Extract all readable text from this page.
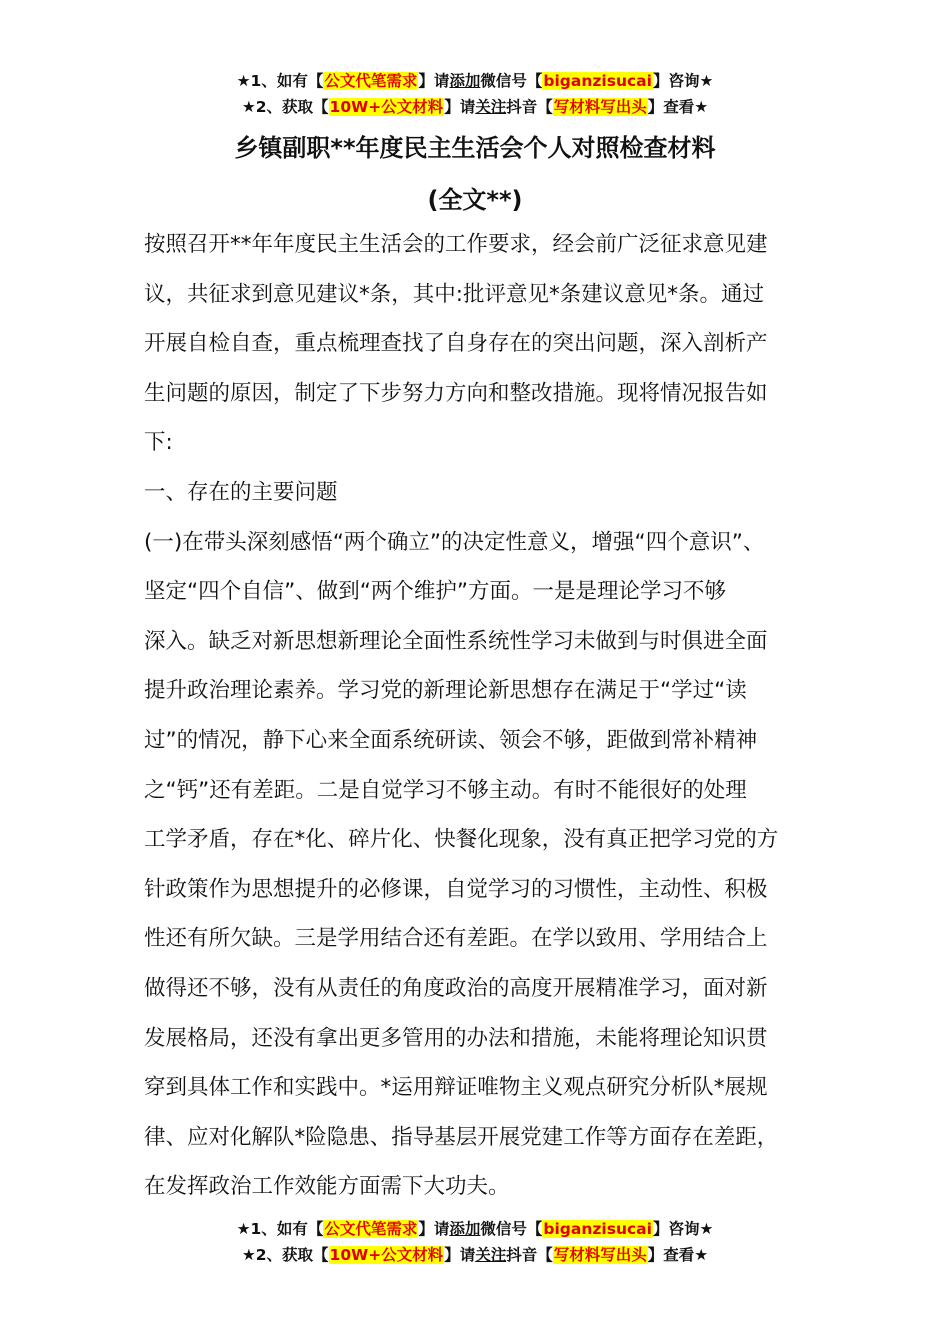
★1、如有【公文代笔需求】请添加微信号【biganzisucai】咨询★
★2、获取【10W+公文材料】请关注抖音【写材料写出头】查看★
乡镇副职**年度民主生活会个人对照检查材料
(全文**)
按照召开**年年度民主生活会的工作要求，经会前广泛征求意见建
议，共征求到意见建议*条，其中:批评意见*条建议意见*条。通过
开展自检自查，重点梳理查找了自身存在的突出问题，深入剖析产
生问题的原因，制定了下步努力方向和整改措施。现将情况报告如
下:
一、存在的主要问题
(一)在带头深刻感悟“两个确立”的决定性意义，增强“四个意识”、
坚定“四个自信”、做到“两个维护”方面。一是是理论学习不够
深入。缺乏对新思想新理论全面性系统性学习未做到与时俱进全面
提升政治理论素养。学习党的新理论新思想存在满足于“学过“读
过”的情况，静下心来全面系统研读、领会不够，距做到常补精神
之“钙”还有差距。二是自觉学习不够主动。有时不能很好的处理
工学矛盾，存在*化、碎片化、快餐化现象，没有真正把学习党的方
针政策作为思想提升的必修课，自觉学习的习惯性，主动性、积极
性还有所欠缺。三是学用结合还有差距。在学以致用、学用结合上
做得还不够，没有从责任的角度政治的高度开展精准学习，面对新
发展格局，还没有拿出更多管用的办法和措施，未能将理论知识贯
穿到具体工作和实践中。*运用辩证唯物主义观点研究分析队*展规
律、应对化解队*险隐患、指导基层开展党建工作等方面存在差距，
在发挥政治工作效能方面需下大功夫。
★1、如有【公文代笔需求】请添加微信号【biganzisucai】咨询★
★2、获取【10W+公文材料】请关注抖音【写材料写出头】查看★
